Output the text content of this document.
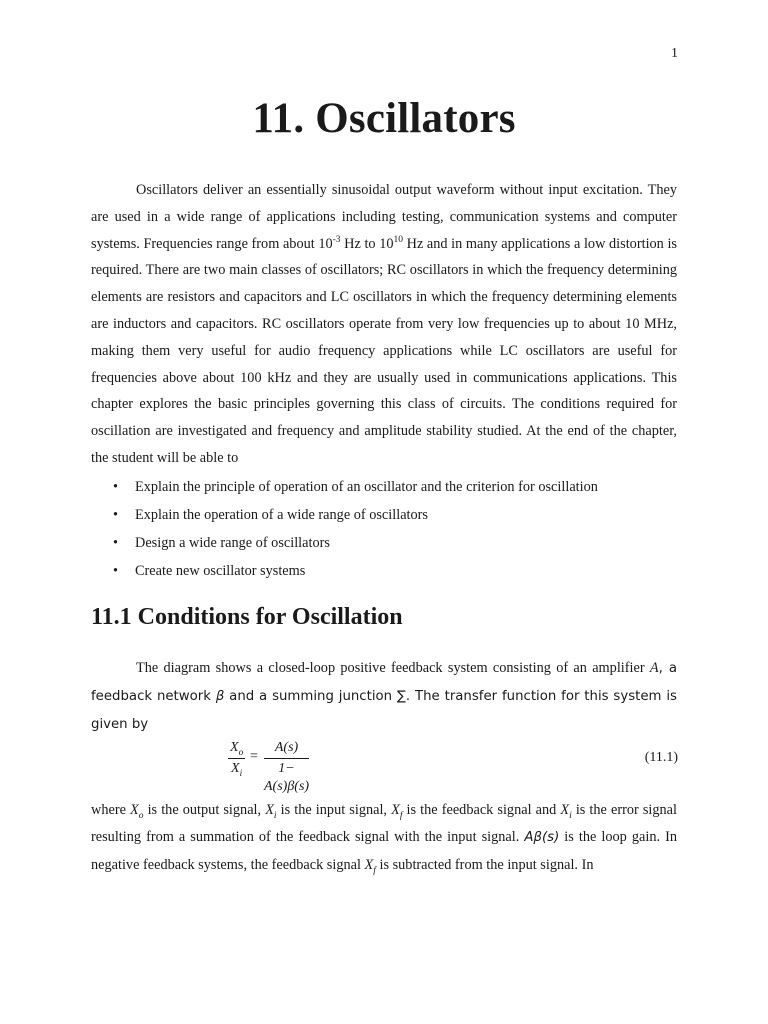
1
11. Oscillators

Oscillators deliver an essentially sinusoidal output waveform without input excitation. They are used in a wide range of applications including testing, communication systems and computer systems. Frequencies range from about $10^{-3}$ Hz to $10^{10}$ Hz and in many applications a low distortion is required. There are two main classes of oscillators; RC oscillators in which the frequency determining elements are resistors and capacitors and LC oscillators in which the frequency determining elements are inductors and capacitors. RC oscillators operate from very low frequencies up to about 10 MHz, making them very useful for audio frequency applications while LC oscillators are useful for frequencies above about 100 kHz and they are usually used in communications applications. This chapter explores the basic principles governing this class of circuits. The conditions required for oscillation are investigated and frequency and amplitude stability studied. At the end of the chapter, the student will be able to

• Explain the principle of operation of an oscillator and the criterion for oscillation
• Explain the operation of a wide range of oscillators
• Design a wide range of oscillators
• Create new oscillator systems
11.1 Conditions for Oscillation

The diagram shows a closed-loop positive feedback system consisting of an amplifier A, a feedback network β and a summing junction ∑. The transfer function for this system is given by

$\frac{X_o}{X_i} = \frac{A(s)}{1- A(s)\beta(s)}$	(11.1)

where $X_o$ is the output signal, $X_i$ is the input signal, $X_f$ is the feedback signal and $X_i$ is the error signal resulting from a summation of the feedback signal with the input signal. Aβ(s) is the loop gain. In negative feedback systems, the feedback signal $X_f$ is subtracted from the input signal. In
